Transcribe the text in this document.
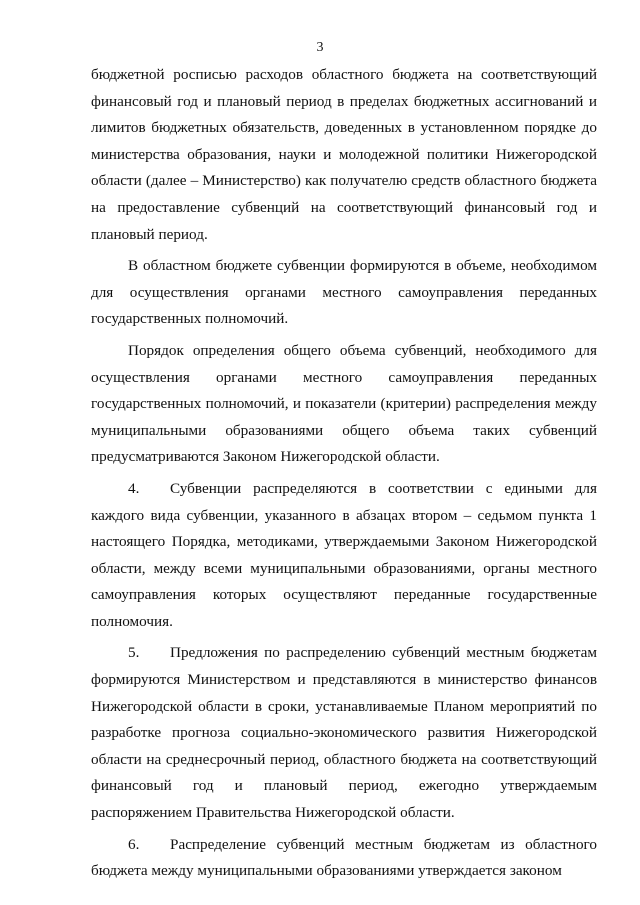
3

бюджетной росписью расходов областного бюджета на соответствующий финансовый год и плановый период в пределах бюджетных ассигнований и лимитов бюджетных обязательств, доведенных в установленном порядке до министерства образования, науки и молодежной политики Нижегородской области (далее – Министерство) как получателю средств областного бюджета на предоставление субвенций на соответствующий финансовый год и плановый период.

В областном бюджете субвенции формируются в объеме, необходимом для осуществления органами местного самоуправления переданных государственных полномочий.

Порядок определения общего объема субвенций, необходимого для осуществления органами местного самоуправления переданных государственных полномочий, и показатели (критерии) распределения между муниципальными образованиями общего объема таких субвенций предусматриваются Законом Нижегородской области.

4. Субвенции распределяются в соответствии с едиными для каждого вида субвенции, указанного в абзацах втором – седьмом пункта 1 настоящего Порядка, методиками, утверждаемыми Законом Нижегородской области, между всеми муниципальными образованиями, органы местного самоуправления которых осуществляют переданные государственные полномочия.

5. Предложения по распределению субвенций местным бюджетам формируются Министерством и представляются в министерство финансов Нижегородской области в сроки, устанавливаемые Планом мероприятий по разработке прогноза социально-экономического развития Нижегородской области на среднесрочный период, областного бюджета на соответствующий финансовый год и плановый период, ежегодно утверждаемым распоряжением Правительства Нижегородской области.

6. Распределение субвенций местным бюджетам из областного бюджета между муниципальными образованиями утверждается законом
